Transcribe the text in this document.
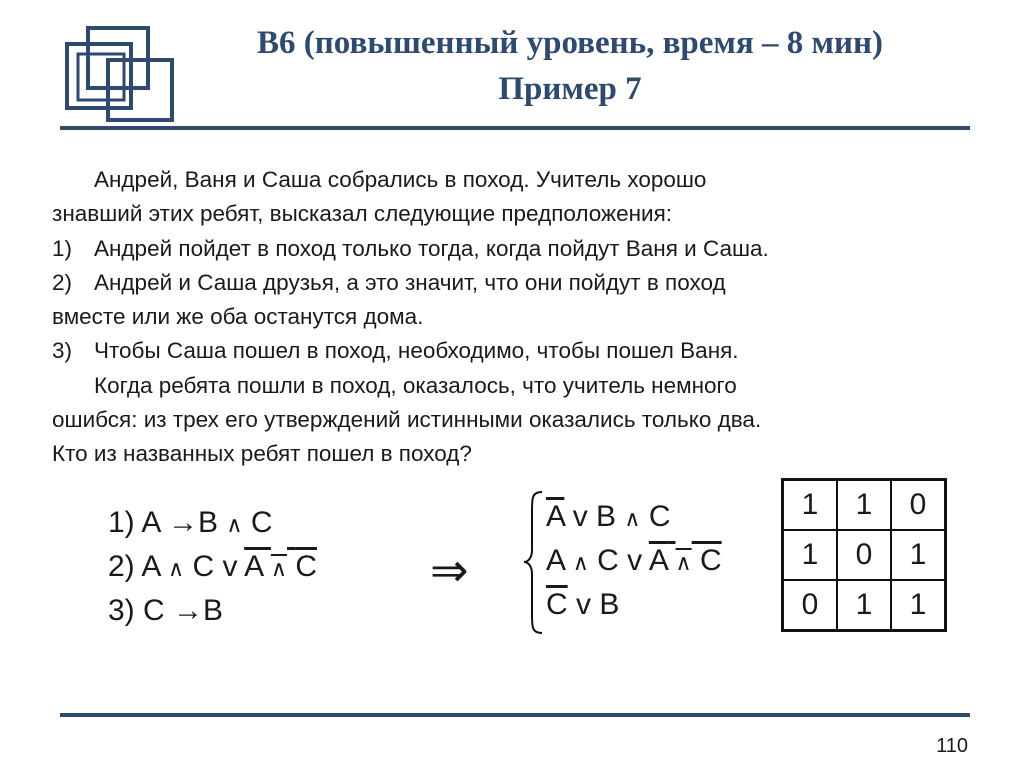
В6 (повышенный уровень, время – 8 мин)
Пример 7
Андрей, Ваня и Саша собрались в поход. Учитель хорошо
знавший этих ребят, высказал следующие предположения:
1) Андрей пойдет в поход только тогда, когда пойдут Ваня и Саша.
2) Андрей и Саша друзья, а это значит, что они пойдут в поход
вместе или же оба останутся дома.
3) Чтобы Саша пошел в поход, необходимо, чтобы пошел Ваня.
Когда ребята пошли в поход, оказалось, что учитель немного
ошибся: из трех его утверждений истинными оказались только два.
Кто из названных ребят пошел в поход?
1) A →B ∧ C
2) A ∧ C v $\overline{A}$ ∧ $\overline{C}$
3) C →B
⇒
$\overline{A}$ v B ∧ C
A ∧ C v $\overline{A}$ ∧ $\overline{C}$
$\overline{C}$ v B
1	1	0
1	0	1
0	1	1
110
